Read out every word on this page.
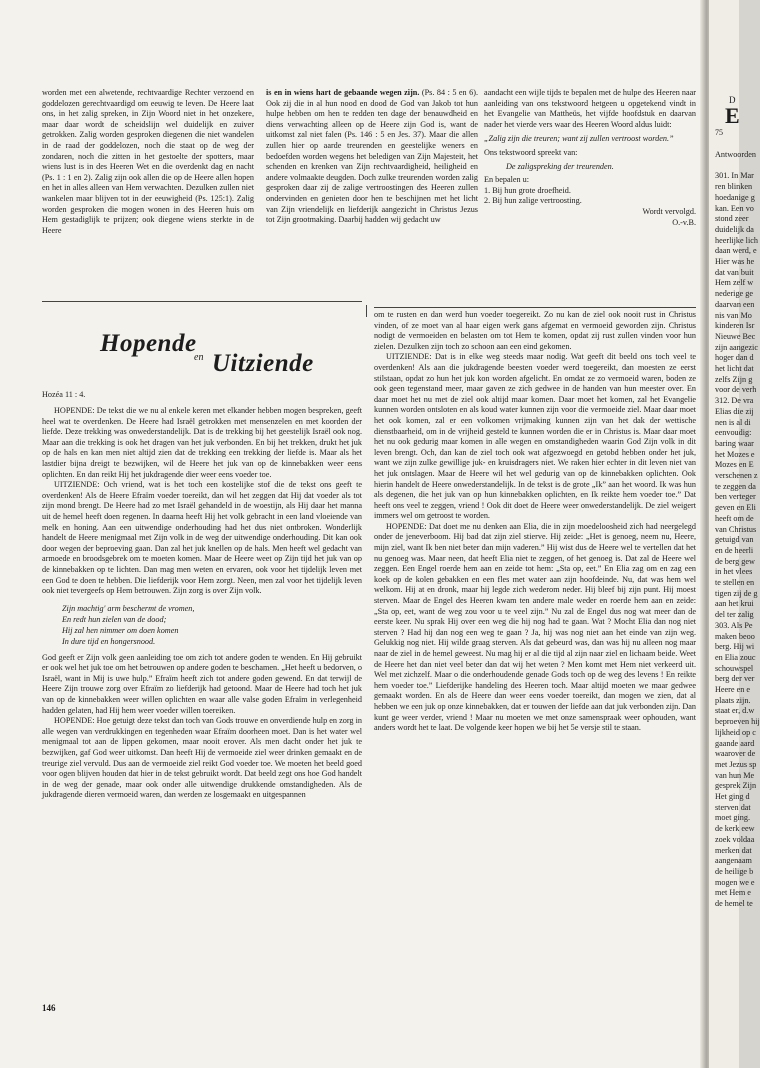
worden met een alwetende, rechtvaardige Rechter verzoend en goddelozen gerechtvaardigd om eeuwig te leven. De Heere laat ons, in het zalig spreken, in Zijn Woord niet in het onzekere, maar daar wordt de scheidslijn wel duidelijk en zuiver getrokken. Zalig worden gesproken diegenen die niet wandelen in de raad der goddelozen, noch die staat op de weg der zondaren, noch die zitten in het gestoelte der spotters, maar wiens lust is in des Heeren Wet en die overdenkt dag en nacht (Ps. 1 : 1 en 2). Zalig zijn ook allen die op de Heere allen hopen en het in alles alleen van Hem verwachten. Dezulken zullen niet wankelen maar blijven tot in der eeuwigheid (Ps. 125:1). Zalig worden gesproken die mogen wonen in des Heeren huis om Hem gestadiglijk te prijzen; ook diegene wiens sterkte in de Heere

is en in wiens hart de gebaande wegen zijn. (Ps. 84 : 5 en 6). Ook zij die in al hun nood en dood de God van Jakob tot hun hulpe hebben om hen te redden ten dage der benauwdheid en diens verwachting alleen op de Heere zijn God is, want de uitkomst zal niet falen (Ps. 146 : 5 en Jes. 37). Maar die allen zullen hier op aarde treurenden en geestelijke weners en bedoefden worden wegens het beledigen van Zijn Majesteit, het schenden en krenken van Zijn rechtvaardigheid, heiligheid en andere volmaakte deugden. Doch zulke treurenden worden zalig gesproken daar zij de zalige vertroostingen des Heeren zullen ondervinden en genieten door hen te beschijnen met het licht van Zijn vriendelijk en liefderijk aangezicht in Christus Jezus tot Zijn grootmaking. Daarbij hadden wij gedacht uw

aandacht een wijle tijds te bepalen met de hulpe des Heeren naar aanleiding van ons tekstwoord hetgeen u opgetekend vindt in het Evangelie van Mattheüs, het vijfde hoofdstuk en daarvan nader het vierde vers waar des Heeren Woord aldus luidt:

„Zalig zijn die treuren; want zij zullen vertroost worden.”

Ons tekstwoord spreekt van:

De zaligspreking der treurenden.

En bepalen u:

1. Bij hun grote droefheid.

2. Bij hun zalige vertroosting.

Wordt vervolgd.

O.-v.B.

Hopende
en Uitziende
Hozéa 11 : 4.

HOPENDE: De tekst die we nu al enkele keren met elkander hebben mogen bespreken, geeft heel wat te overdenken. De Heere had Israël getrokken met mensenzelen en met koorden der liefde. Deze trekking was onwederstandelijk. Dat is de trekking bij het geestelijk Israël ook nog. Maar aan die trekking is ook het dragen van het juk verbonden. En bij het trekken, drukt het juk op de hals en kan men niet altijd zien dat de trekking een trekking der liefde is. Maar als het lastdier bijna dreigt te bezwijken, wil de Heere het juk van op de kinnebakken weer eens oplichten. En dan reikt Hij het jukdragende dier weer eens voeder toe.

UITZIENDE: Och vriend, wat is het toch een kostelijke stof die de tekst ons geeft te overdenken! Als de Heere Efraïm voeder toereikt, dan wil het zeggen dat Hij dat voeder als tot zijn mond brengt. De Heere had zo met Israël gehandeld in de woestijn, als Hij daar het manna uit de hemel heeft doen regenen. In daarna heeft Hij het volk gebracht in een land vloeiende van melk en honing. Aan een uitwendige onderhouding had het dus niet ontbroken. Wonderlijk handelt de Heere menigmaal met Zijn volk in de weg der uitwendige onderhouding. Dit kan ook door wegen der beproeving gaan. Dan zal het juk knellen op de hals. Men heeft wel gedacht van armoede en broodsgebrek om te moeten komen. Maar de Heere weet op Zijn tijd het juk van op de kinnebakken op te lichten. Dan mag men weten en ervaren, ook voor het tijdelijk leven met een God te doen te hebben. Die liefderijk voor Hem zorgt. Neen, men zal voor het tijdelijk leven ook niet tevergeefs op Hem betrouwen. Zijn zorg is over Zijn volk.

Zijn machtig' arm beschermt de vromen,
En redt hun zielen van de dood;
Hij zal hen nimmer om doen komen
In dure tijd en hongersnood.

God geeft er Zijn volk geen aanleiding toe om zich tot andere goden te wenden. En Hij gebruikt er ook wel het juk toe om het betrouwen op andere goden te beschamen. „Het heeft u bedorven, o Israël, want in Mij is uwe hulp.” Efraïm heeft zich tot andere goden gewend. En dat terwijl de Heere Zijn trouwe zorg over Efraïm zo liefderijk had getoond. Maar de Heere had toch het juk van op de kinnebakken weer willen oplichten en waar alle valse goden Efraïm in verlegenheid hadden gelaten, had Hij hem weer voeder willen toereiken.

HOPENDE: Hoe getuigt deze tekst dan toch van Gods trouwe en onverdiende hulp en zorg in alle wegen van verdrukkingen en tegenheden waar Efraïm doorheen moet. Dan is het water wel menigmaal tot aan de lippen gekomen, maar nooit erover. Als men dacht onder het juk te bezwijken, gaf God weer uitkomst. Dan heeft Hij de vermoeide ziel weer drinken gemaakt en de treurige ziel vervuld. Dus aan de vermoeide ziel reikt God voeder toe. We moeten het beeld goed voor ogen blijven houden dat hier in de tekst gebruikt wordt. Dat beeld zegt ons hoe God handelt in de weg der genade, maar ook onder alle uitwendige drukkende omstandigheden. Als de jukdragende dieren vermoeid waren, dan werden ze losgemaakt en uitgespannen

om te rusten en dan werd hun voeder toegereikt. Zo nu kan de ziel ook nooit rust in Christus vinden, of ze moet van al haar eigen werk gans afgemat en vermoeid geworden zijn. Christus nodigt de vermoeiden en belasten om tot Hem te komen, opdat zij rust zullen vinden voor hun zielen. Dezulken zijn toch zo schoon aan een eind gekomen.

UITZIENDE: Dat is in elke weg steeds maar nodig. Wat geeft dit beeld ons toch veel te overdenken! Als aan die jukdragende beesten voeder werd toegereikt, dan moesten ze eerst stilstaan, opdat zo hun het juk kon worden afgelicht. En omdat ze zo vermoeid waren, boden ze ook geen tegenstand meer, maar gaven ze zich gedwee in de handen van hun meester over. En daar moet het nu met de ziel ook altijd maar komen. Daar moet het komen, zal het Evangelie kunnen worden ontsloten en als koud water kunnen zijn voor die vermoeide ziel. Maar daar moet het ook komen, zal er een volkomen vrijmaking kunnen zijn van het dak der wettische dienstbaarheid, om in de vrijheid gesteld te kunnen worden die er in Christus is. Maar daar moet het nu ook gedurig maar komen in alle wegen en omstandigheden waarin God Zijn volk in dit leven brengt. Och, dan kan de ziel toch ook wat afgezwoegd en getobd hebben onder het juk, want we zijn zulke gewillige juk- en kruisdragers niet. We raken hier echter in dit leven niet van het juk ontslagen. Maar de Heere wil het wel gedurig van op de kinnebakken oplichten. Ook hierin handelt de Heere onwederstandelijk. In de tekst is de grote „Ik” aan het woord. Ik was hun als degenen, die het juk van op hun kinnebakken oplichten, en Ik reikte hem voeder toe.” Dat heeft ons veel te zeggen, vriend ! Ook dit doet de Heere weer onwederstandelijk. De ziel weigert immers wel om getroost te worden.

HOPENDE: Dat doet me nu denken aan Elia, die in zijn moedeloosheid zich had neergelegd onder de jeneverboom. Hij bad dat zijn ziel stierve. Hij zeide: „Het is genoeg, neem nu, Heere, mijn ziel, want Ik ben niet beter dan mijn vaderen.” Hij wist dus de Heere wel te vertellen dat het nu genoeg was. Maar neen, dat heeft Elia niet te zeggen, of het genoeg is. Dat zal de Heere wel zeggen. Een Engel roerde hem aan en zeide tot hem: „Sta op, eet.” En Elia zag om en zag een koek op de kolen gebakken en een fles met water aan zijn hoofdeinde. Nu, dat was hem wel welkom. Hij at en dronk, maar hij legde zich wederom neder. Hij bleef bij zijn punt. Hij moest sterven. Maar de Engel des Heeren kwam ten andere male weder en roerde hem aan en zeide: „Sta op, eet, want de weg zou voor u te veel zijn.” Nu zal de Engel dus nog wat meer dan de eerste keer. Nu sprak Hij over een weg die hij nog had te gaan. Wat ? Mocht Elia dan nog niet sterven ? Had hij dan nog een weg te gaan ? Ja, hij was nog niet aan het einde van zijn weg. Gelukkig nog niet. Hij wilde graag sterven. Als dat gebeurd was, dan was hij nu alleen nog maar naar de ziel in de hemel geweest. Nu mag hij er al die tijd al zijn naar ziel en lichaam beide. Weet de Heere het dan niet veel beter dan dat wij het weten ? Men komt met Hem niet verkeerd uit. Wel met zichzelf. Maar o die onderhoudende genade Gods toch op de weg des levens ! En reikte hem voeder toe.” Liefderijke handeling des Heeren toch. Maar altijd moeten we maar gedwee gemaakt worden. En als de Heere dan weer eens voeder toereikt, dan mogen we zien, dat al hebben we een juk op onze kinnebakken, dat er touwen der liefde aan dat juk verbonden zijn. Dan kunt ge weer verder, vriend ! Maar nu moeten we met onze samenspraak weer ophouden, want anders wordt het te laat. De volgende keer hopen we bij het 5e versje stil te staan.

146
D
E
75
Antwoorden
301. In Mar
ren blinken
hoedanige g
kan. Een vo
stond zeer
duidelijk da
heerlijke lich
daan werd, e
Hier was he
dat van buit
Hem zelf w
nederige ge
daarvan een
nis van Mo
kinderen Isr
Nieuwe Bec
zijn aangezic
hoger dan d
het licht dat
zelfs Zijn g
voor de verh
312. De vra
Elias die zij
nen is al di
eenvoudig:
baring waar
het Mozes e
Mozes en E
verschenen z
te zeggen da
ben verteger
geven en Eli
heeft om de
van Christus
getuigd van
en de heerli
de berg gew
in het vlees
te stellen en
tigen zij de g
aan het krui
del ter zalig
303. Als Pe
maken beoo
berg. Hij wi
en Elia zouc
schouwspel
berg der ver
Heere en e
plaats zijn.
staat er, d.w
beproeven hij
lijkheid op c
gaande aard
waarover de
met Jezus sp
van hun Me
gesprek Zijn
Het ging d
sterven dat
moet ging.
de kerk eew
zoek voldaa
merken dat
aangenaam
de heilige b
mogen we e
met Hem e
de hemel te
